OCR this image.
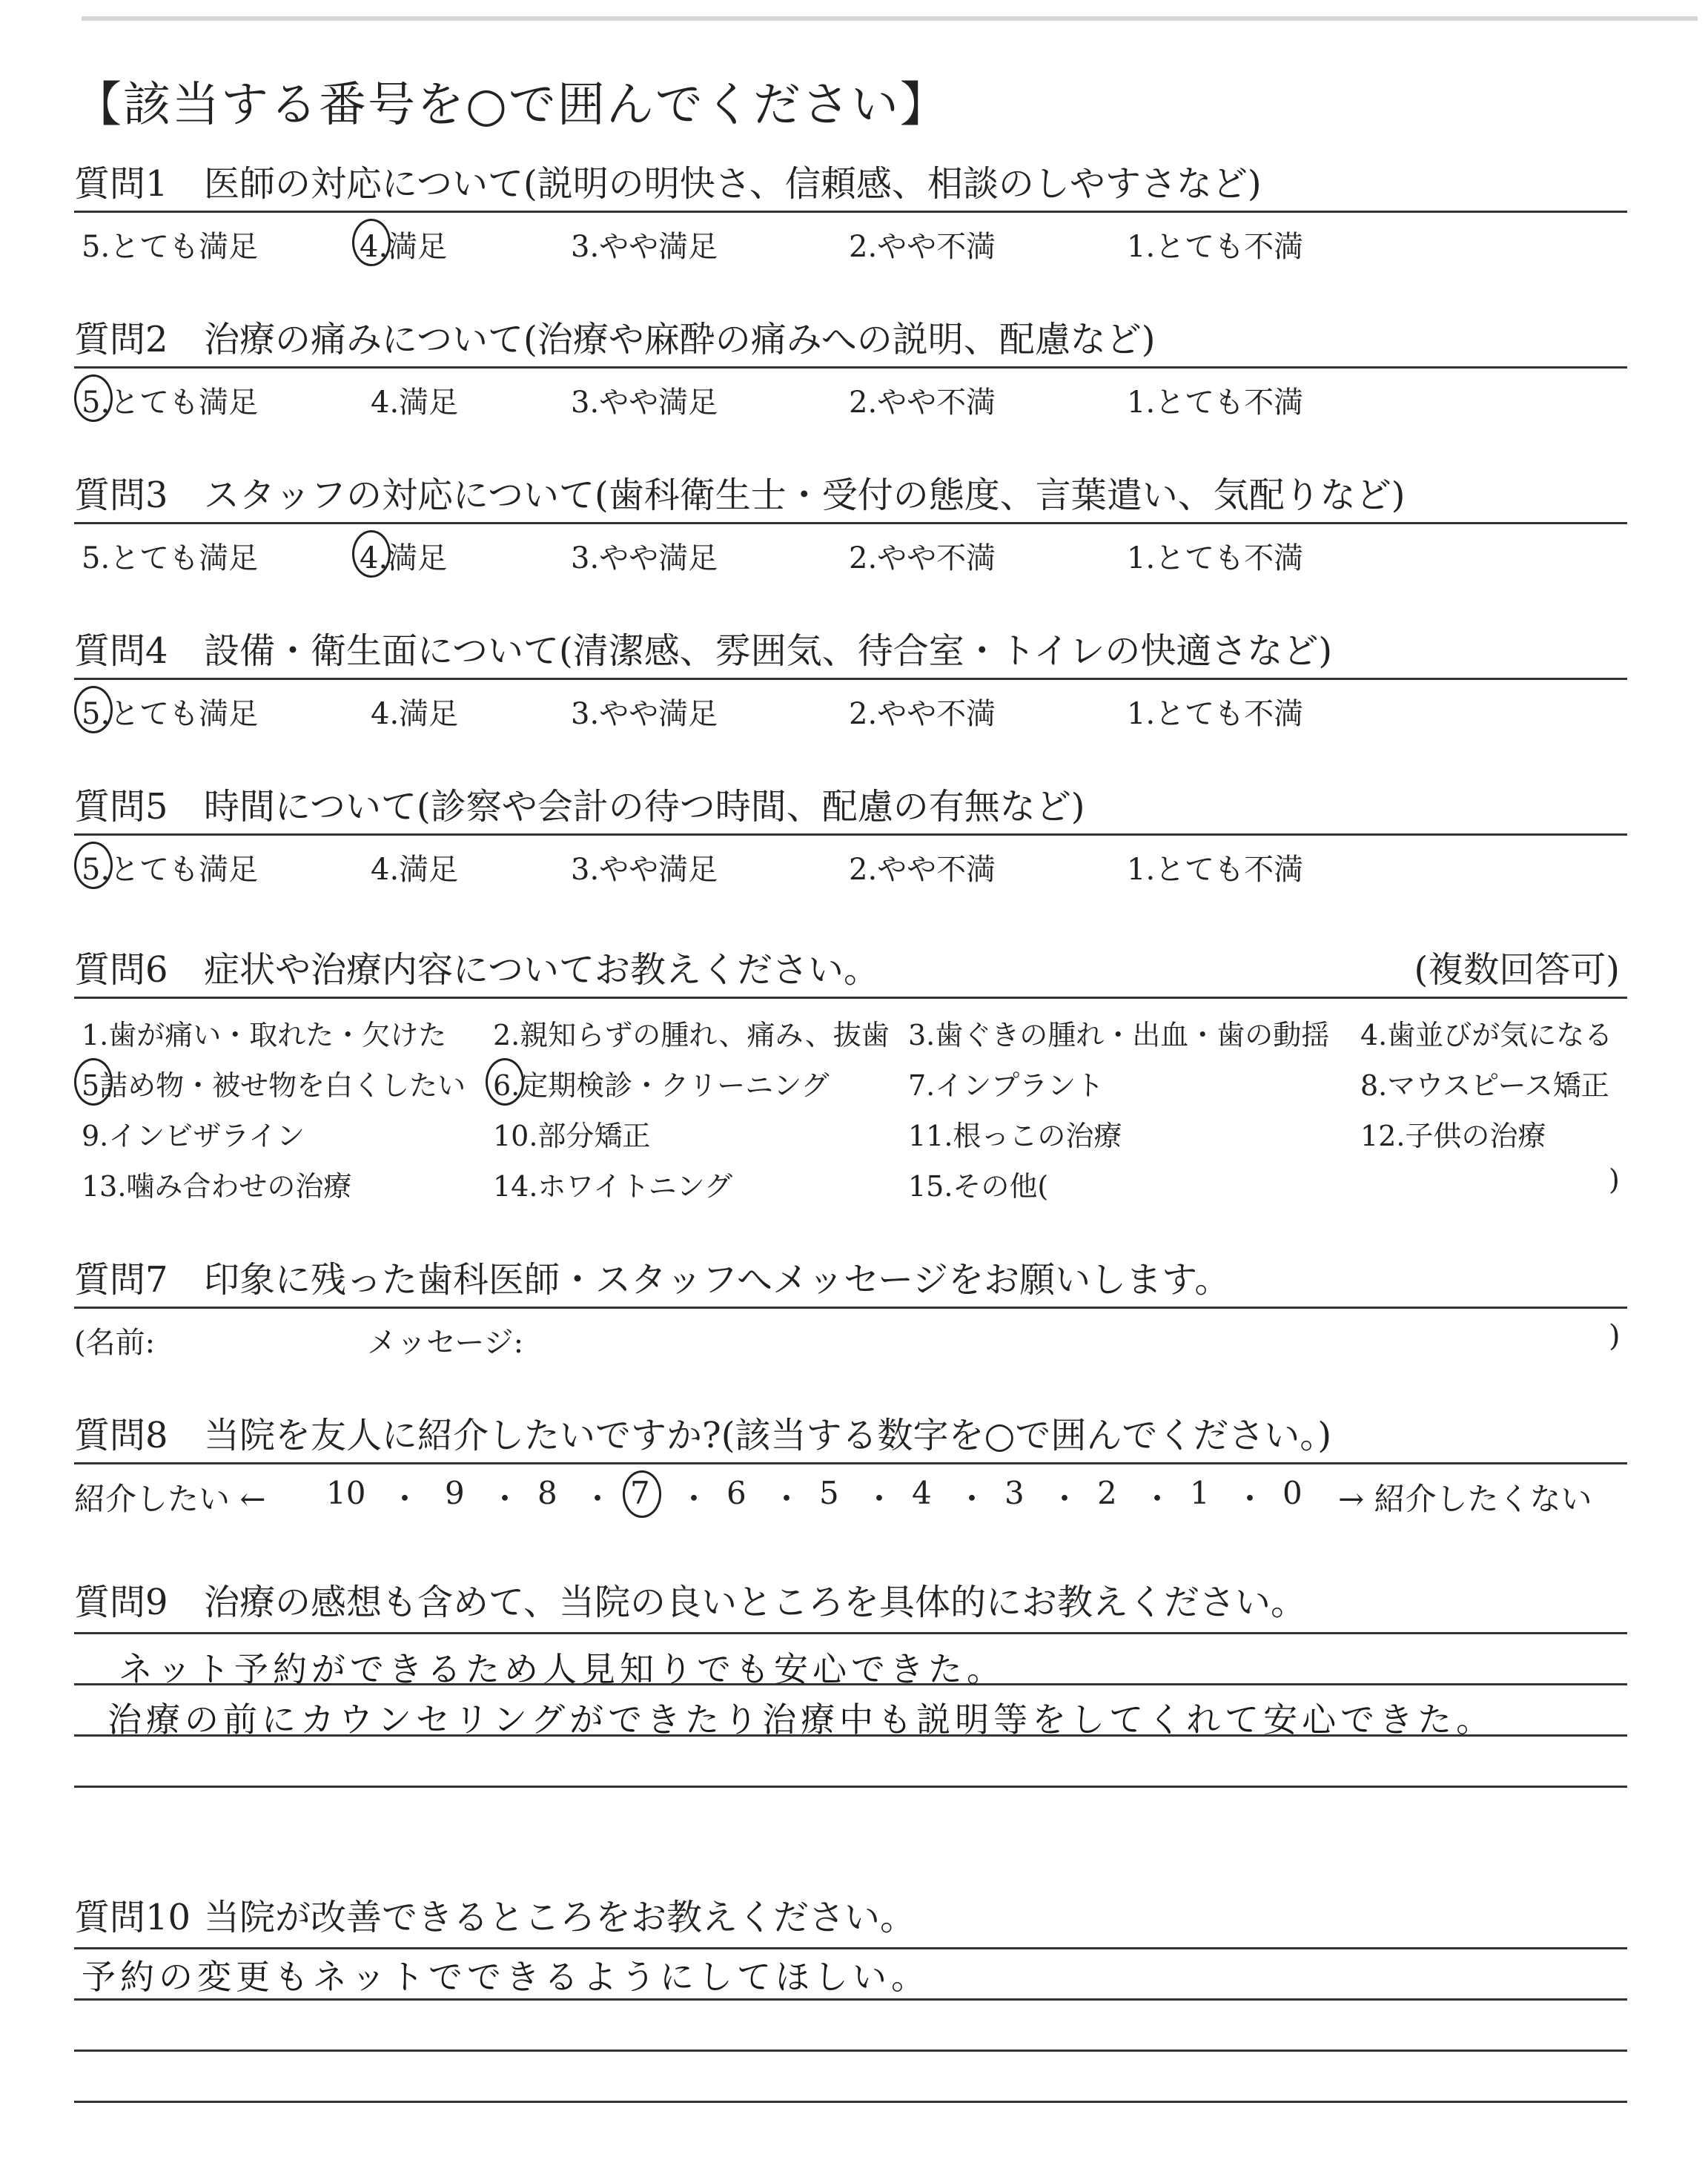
【該当する番号を○で囲んでください】
質問1 医師の対応について(説明の明快さ、信頼感、相談のしやすさなど)
5.とても満足	4.満足	3.やや満足	2.やや不満	1.とても不満
質問2 治療の痛みについて(治療や麻酔の痛みへの説明、配慮など)
5.とても満足	4.満足	3.やや満足	2.やや不満	1.とても不満
質問3 スタッフの対応について(歯科衛生士・受付の態度、言葉遣い、気配りなど)
5.とても満足	4.満足	3.やや満足	2.やや不満	1.とても不満
質問4 設備・衛生面について(清潔感、雰囲気、待合室・トイレの快適さなど)
5.とても満足	4.満足	3.やや満足	2.やや不満	1.とても不満
質問5 時間について(診察や会計の待つ時間、配慮の有無など)
5.とても満足	4.満足	3.やや満足	2.やや不満	1.とても不満
質問6 症状や治療内容についてお教えください。	(複数回答可)
1.歯が痛い・取れた・欠けた 2.親知らずの腫れ、痛み、抜歯 3.歯ぐきの腫れ・出血・歯の動揺 4.歯並びが気になる
5詰め物・被せ物を白くしたい 6.定期検診・クリーニング	7.インプラント	8.マウスピース矯正
9.インビザライン	10.部分矯正	11.根っこの治療	12.子供の治療
13.噛み合わせの治療	14.ホワイトニング	15.その他(	)
質問7 印象に残った歯科医師・スタッフへメッセージをお願いします。
(名前:	メッセージ:	)
質問8 当院を友人に紹介したいですか?(該当する数字を○で囲んでください。)
紹介したい ← 10 ・ 9 ・ 8 ・ 7 ・ 6 ・ 5 ・ 4 ・ 3 ・ 2 ・ 1 ・ 0 → 紹介したくない
質問9 治療の感想も含めて、当院の良いところを具体的にお教えください。
ネット予約ができるため人見知りでも安心できた。
治療の前にカウンセリングができたり治療中も説明等をしてくれて安心できた。
質問10 当院が改善できるところをお教えください。
予約の変更もネットでできるようにしてほしい。
